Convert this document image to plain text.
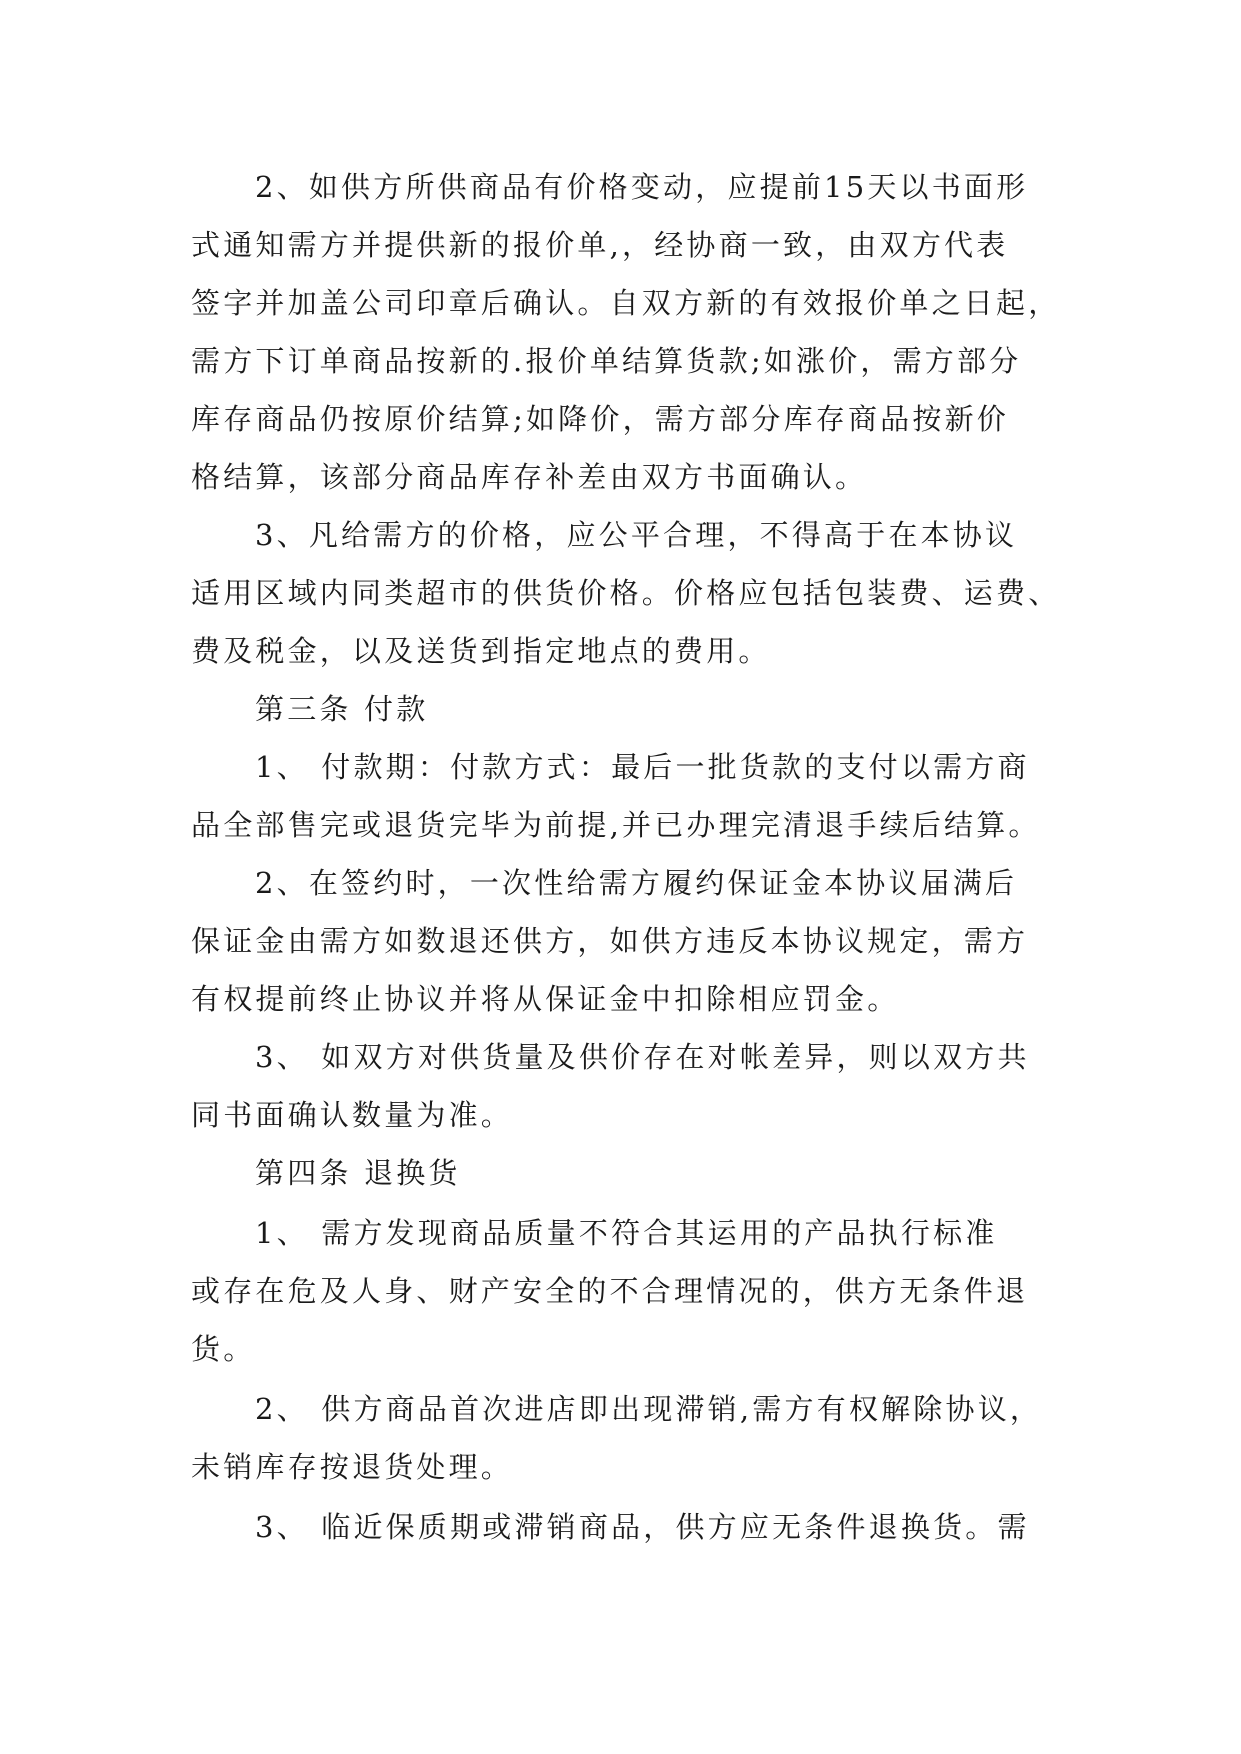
2、如供方所供商品有价格变动，应提前15天以书面形
式通知需方并提供新的报价单,，经协商一致，由双方代表
签字并加盖公司印章后确认。自双方新的有效报价单之日起，
需方下订单商品按新的.报价单结算货款;如涨价，需方部分
库存商品仍按原价结算;如降价，需方部分库存商品按新价
格结算，该部分商品库存补差由双方书面确认。
3、凡给需方的价格，应公平合理，不得高于在本协议
适用区域内同类超市的供货价格。价格应包括包装费、运费、
费及税金，以及送货到指定地点的费用。
第三条 付款
1、 付款期：付款方式：最后一批货款的支付以需方商
品全部售完或退货完毕为前提,并已办理完清退手续后结算。
2、在签约时，一次性给需方履约保证金本协议届满后
保证金由需方如数退还供方，如供方违反本协议规定，需方
有权提前终止协议并将从保证金中扣除相应罚金。
3、 如双方对供货量及供价存在对帐差异，则以双方共
同书面确认数量为准。
第四条 退换货
1、 需方发现商品质量不符合其运用的产品执行标准
或存在危及人身、财产安全的不合理情况的，供方无条件退
货。
2、 供方商品首次进店即出现滞销,需方有权解除协议，
未销库存按退货处理。
3、 临近保质期或滞销商品，供方应无条件退换货。需
